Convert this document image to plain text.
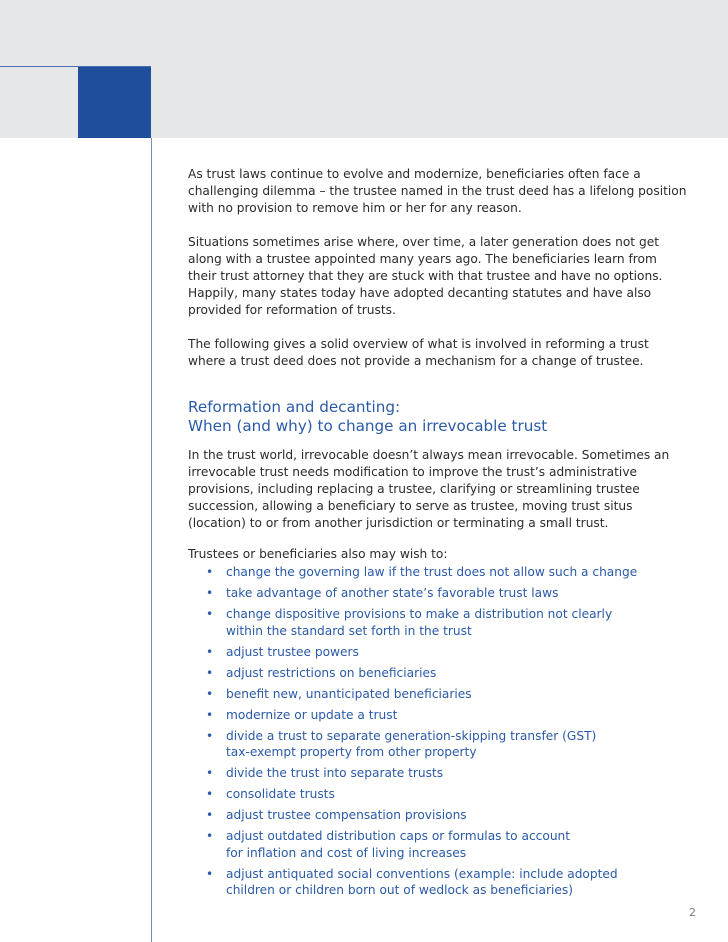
As trust laws continue to evolve and modernize, beneficiaries often face a challenging dilemma – the trustee named in the trust deed has a lifelong position with no provision to remove him or her for any reason.

Situations sometimes arise where, over time, a later generation does not get along with a trustee appointed many years ago. The beneficiaries learn from their trust attorney that they are stuck with that trustee and have no options. Happily, many states today have adopted decanting statutes and have also provided for reformation of trusts.

The following gives a solid overview of what is involved in reforming a trust where a trust deed does not provide a mechanism for a change of trustee.

Reformation and decanting:
When (and why) to change an irrevocable trust

In the trust world, irrevocable doesn’t always mean irrevocable. Sometimes an irrevocable trust needs modification to improve the trust’s administrative provisions, including replacing a trustee, clarifying or streamlining trustee succession, allowing a beneficiary to serve as trustee, moving trust situs (location) to or from another jurisdiction or terminating a small trust.

Trustees or beneficiaries also may wish to:

• change the governing law if the trust does not allow such a change
• take advantage of another state’s favorable trust laws
• change dispositive provisions to make a distribution not clearly
within the standard set forth in the trust
• adjust trustee powers
• adjust restrictions on beneficiaries
• benefit new, unanticipated beneficiaries
• modernize or update a trust
• divide a trust to separate generation-skipping transfer (GST)
tax-exempt property from other property
• divide the trust into separate trusts
• consolidate trusts
• adjust trustee compensation provisions
• adjust outdated distribution caps or formulas to account
for inflation and cost of living increases
• adjust antiquated social conventions (example: include adopted
children or children born out of wedlock as beneficiaries)
2
